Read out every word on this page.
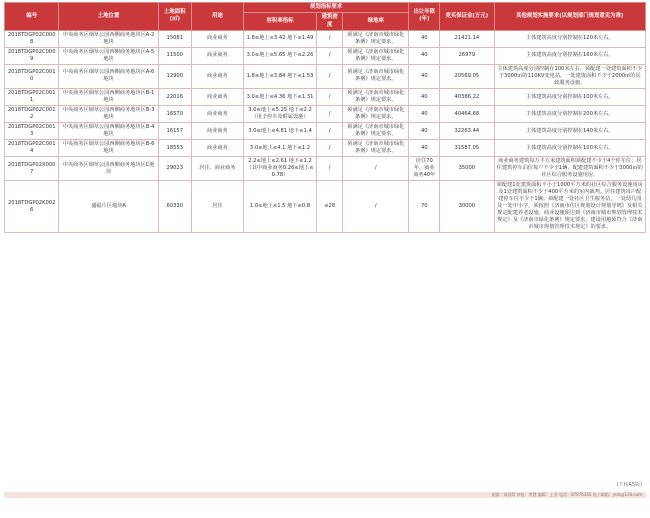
编号	土地位置	土地面积(㎡)	用途	规划指标要求			出让年限(年)	竞买保证金(万元)	其他规划实施要求(以规划部门规划意见为准)
				容积率指标	建筑密度	绿地率			
2018TDGP02C0008	中央商务区烟草公园西侧商务地块区A-2地块	15081	商业商务	1.8≤地上≤3.42 地下≤1.49	/	须满足《济南市城市绿化条例》规定要求。	40	21421.14	主体建筑高度分别控制在120米左右。
2018TDGP02C0009	中央商务区烟草公园西侧商务地块区A-5地块	11500	商业商务	3.0≤地上≤5.65 地下≤2.26	/	须满足《济南市城市绿化条例》规定要求。	40	26979	主体建筑高度分别控制在160米左右。
2018TDGP02C0010	中央商务区烟草公园西侧商务地块区A-6地块	12900	商业商务	1.8≤地上≤3.84 地下≤1.53	/	须满足《济南市城市绿化条例》规定要求。	40	20569.05	主体建筑高度分别控制在100米左右，须配建一处建筑面积不少于3000㎡的110KV变电站，一处建筑面积不少于2000㎡的民政服务设施。
2018TDGP02C0011	中央商务区烟草公园西侧商务地块区B-1地块	22016	商业商务	3.0≤地上≤4.36 地下≤1.31	/	须满足《济南市城市绿化条例》规定要求。	40	40386.22	主体建筑高度分别控制在100米左右。
2018TDGP02C0012	中央商务区烟草公园西侧商务地块区B-3地块	16570	商业商务	3.0≤地上≤5.25 地下≤2.2（用于停车及附属设施）	/	须满足《济南市城市绿化条例》规定要求。	40	40464.68	主体建筑高度分别控制在200米左右。
2018TDGP02C0013	中央商务区烟草公园西侧商务地块区B-4地块	16157	商业商务	3.0≤地上≤4.81 地下≤1.4	/	须满足《济南市城市绿化条例》规定要求。	40	32263.44	主体建筑高度分别控制在140米左右。
2018TDGP02C0014	中央商务区烟草公园西侧商务地块区B-6地块	18553	商业商务	3.0≤地上≤4.1 地下≤1.2	/	须满足《济南市城市绿化条例》规定要求。	40	31587.05	主体建筑高度分别控制在100米左右。
2018TDGP02X0007	中央商务区烟草公园西侧商务地块区C地块	29023	居住、商业商务	2.2≤地上≤2.61 地下≤1.2（其中商业商务0.26≤地上≤0.78）	/	/	居住70年，商业商务40年	35000	商业商务建筑每万平方米建筑面积须配建不少于4个停车位；居住建筑停车泊位每户不少于1辆，配建建筑面积不少于3000㎡的社区综合服务设施用房。
2018TDGP02K0026	盛福片区地块A	60330	居住	1.0≤地上≤1.5 地下≤0.8	≤28	/	70	30000	须配建1处建筑面积不小于1000平方米的社区综合服务设施用房及1处建筑面积不少于400平方米的室内裁判。居住建筑每户配建停车位不少于1辆；须配建一处社区卫生服务站，一处幼儿园及一处中小学，须按照《济南市住区规划设计规划导则》及相关规定配建养老设施，商业设施须达到《济南市城市规划管理技术规定》及《济南市绿化条例》规定要求，建设用地须符合《济南市城市规划管理技术规定》的要求。
(下转A5版)
责编：刘晨辉 审校：李慧 编辑：王芳 电话：87976365 电子邮箱：jnrb@126.com
